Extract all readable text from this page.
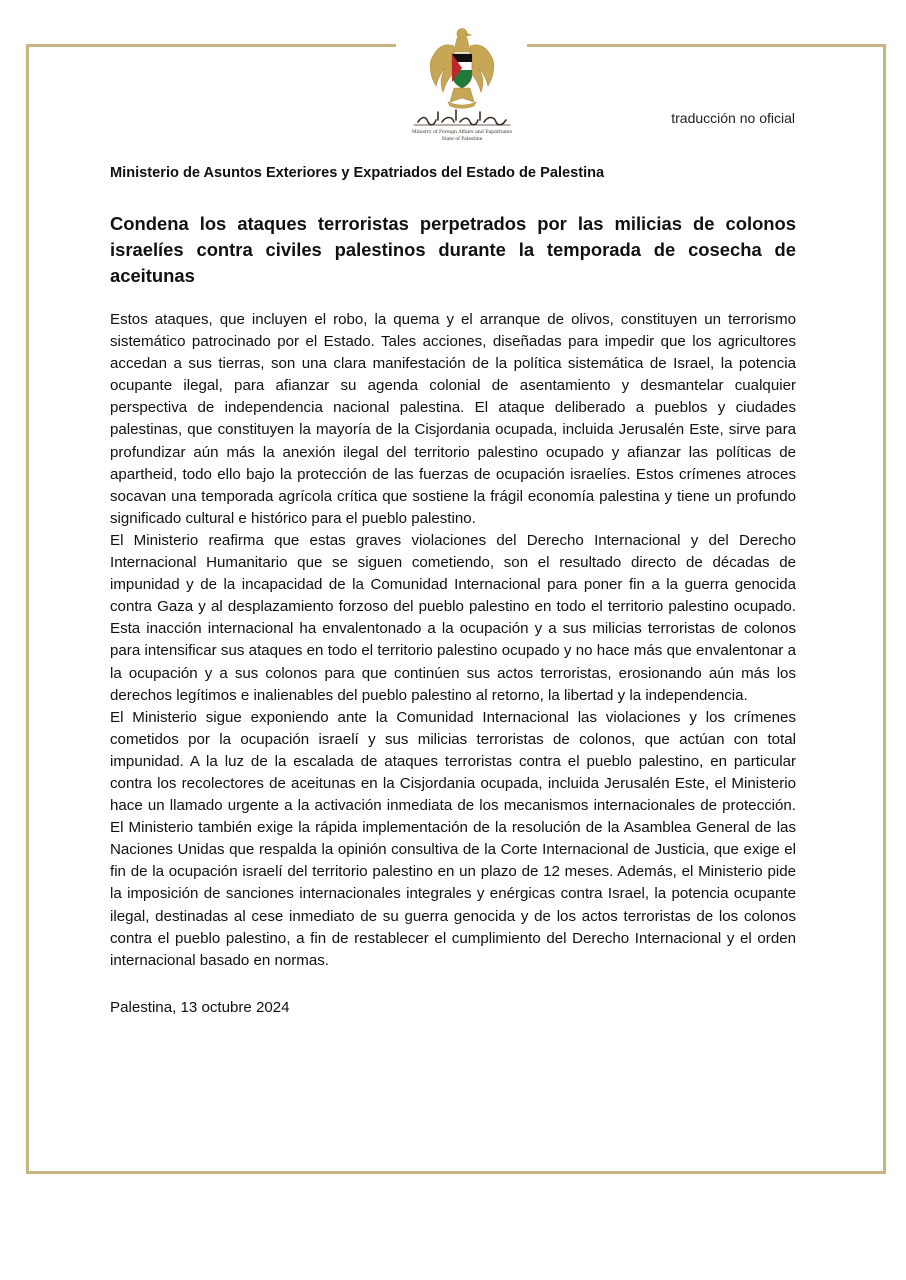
Ministry of Foreign Affairs and Expatriates
State of Palestine
traducción no oficial
Ministerio de Asuntos Exteriores y Expatriados del Estado de Palestina
Condena los ataques terroristas perpetrados por las milicias de colonos israelíes contra civiles palestinos durante la temporada de cosecha de aceitunas

Estos ataques, que incluyen el robo, la quema y el arranque de olivos, constituyen un terrorismo sistemático patrocinado por el Estado. Tales acciones, diseñadas para impedir que los agricultores accedan a sus tierras, son una clara manifestación de la política sistemática de Israel, la potencia ocupante ilegal, para afianzar su agenda colonial de asentamiento y desmantelar cualquier perspectiva de independencia nacional palestina. El ataque deliberado a pueblos y ciudades palestinas, que constituyen la mayoría de la Cisjordania ocupada, incluida Jerusalén Este, sirve para profundizar aún más la anexión ilegal del territorio palestino ocupado y afianzar las políticas de apartheid, todo ello bajo la protección de las fuerzas de ocupación israelíes. Estos crímenes atroces socavan una temporada agrícola crítica que sostiene la frágil economía palestina y tiene un profundo significado cultural e histórico para el pueblo palestino.

El Ministerio reafirma que estas graves violaciones del Derecho Internacional y del Derecho Internacional Humanitario que se siguen cometiendo, son el resultado directo de décadas de impunidad y de la incapacidad de la Comunidad Internacional para poner fin a la guerra genocida contra Gaza y al desplazamiento forzoso del pueblo palestino en todo el territorio palestino ocupado. Esta inacción internacional ha envalentonado a la ocupación y a sus milicias terroristas de colonos para intensificar sus ataques en todo el territorio palestino ocupado y no hace más que envalentonar a la ocupación y a sus colonos para que continúen sus actos terroristas, erosionando aún más los derechos legítimos e inalienables del pueblo palestino al retorno, la libertad y la independencia.

El Ministerio sigue exponiendo ante la Comunidad Internacional las violaciones y los crímenes cometidos por la ocupación israelí y sus milicias terroristas de colonos, que actúan con total impunidad. A la luz de la escalada de ataques terroristas contra el pueblo palestino, en particular contra los recolectores de aceitunas en la Cisjordania ocupada, incluida Jerusalén Este, el Ministerio hace un llamado urgente a la activación inmediata de los mecanismos internacionales de protección. El Ministerio también exige la rápida implementación de la resolución de la Asamblea General de las Naciones Unidas que respalda la opinión consultiva de la Corte Internacional de Justicia, que exige el fin de la ocupación israelí del territorio palestino en un plazo de 12 meses. Además, el Ministerio pide la imposición de sanciones internacionales integrales y enérgicas contra Israel, la potencia ocupante ilegal, destinadas al cese inmediato de su guerra genocida y de los actos terroristas de los colonos contra el pueblo palestino, a fin de restablecer el cumplimiento del Derecho Internacional y el orden internacional basado en normas.

Palestina, 13 octubre 2024
